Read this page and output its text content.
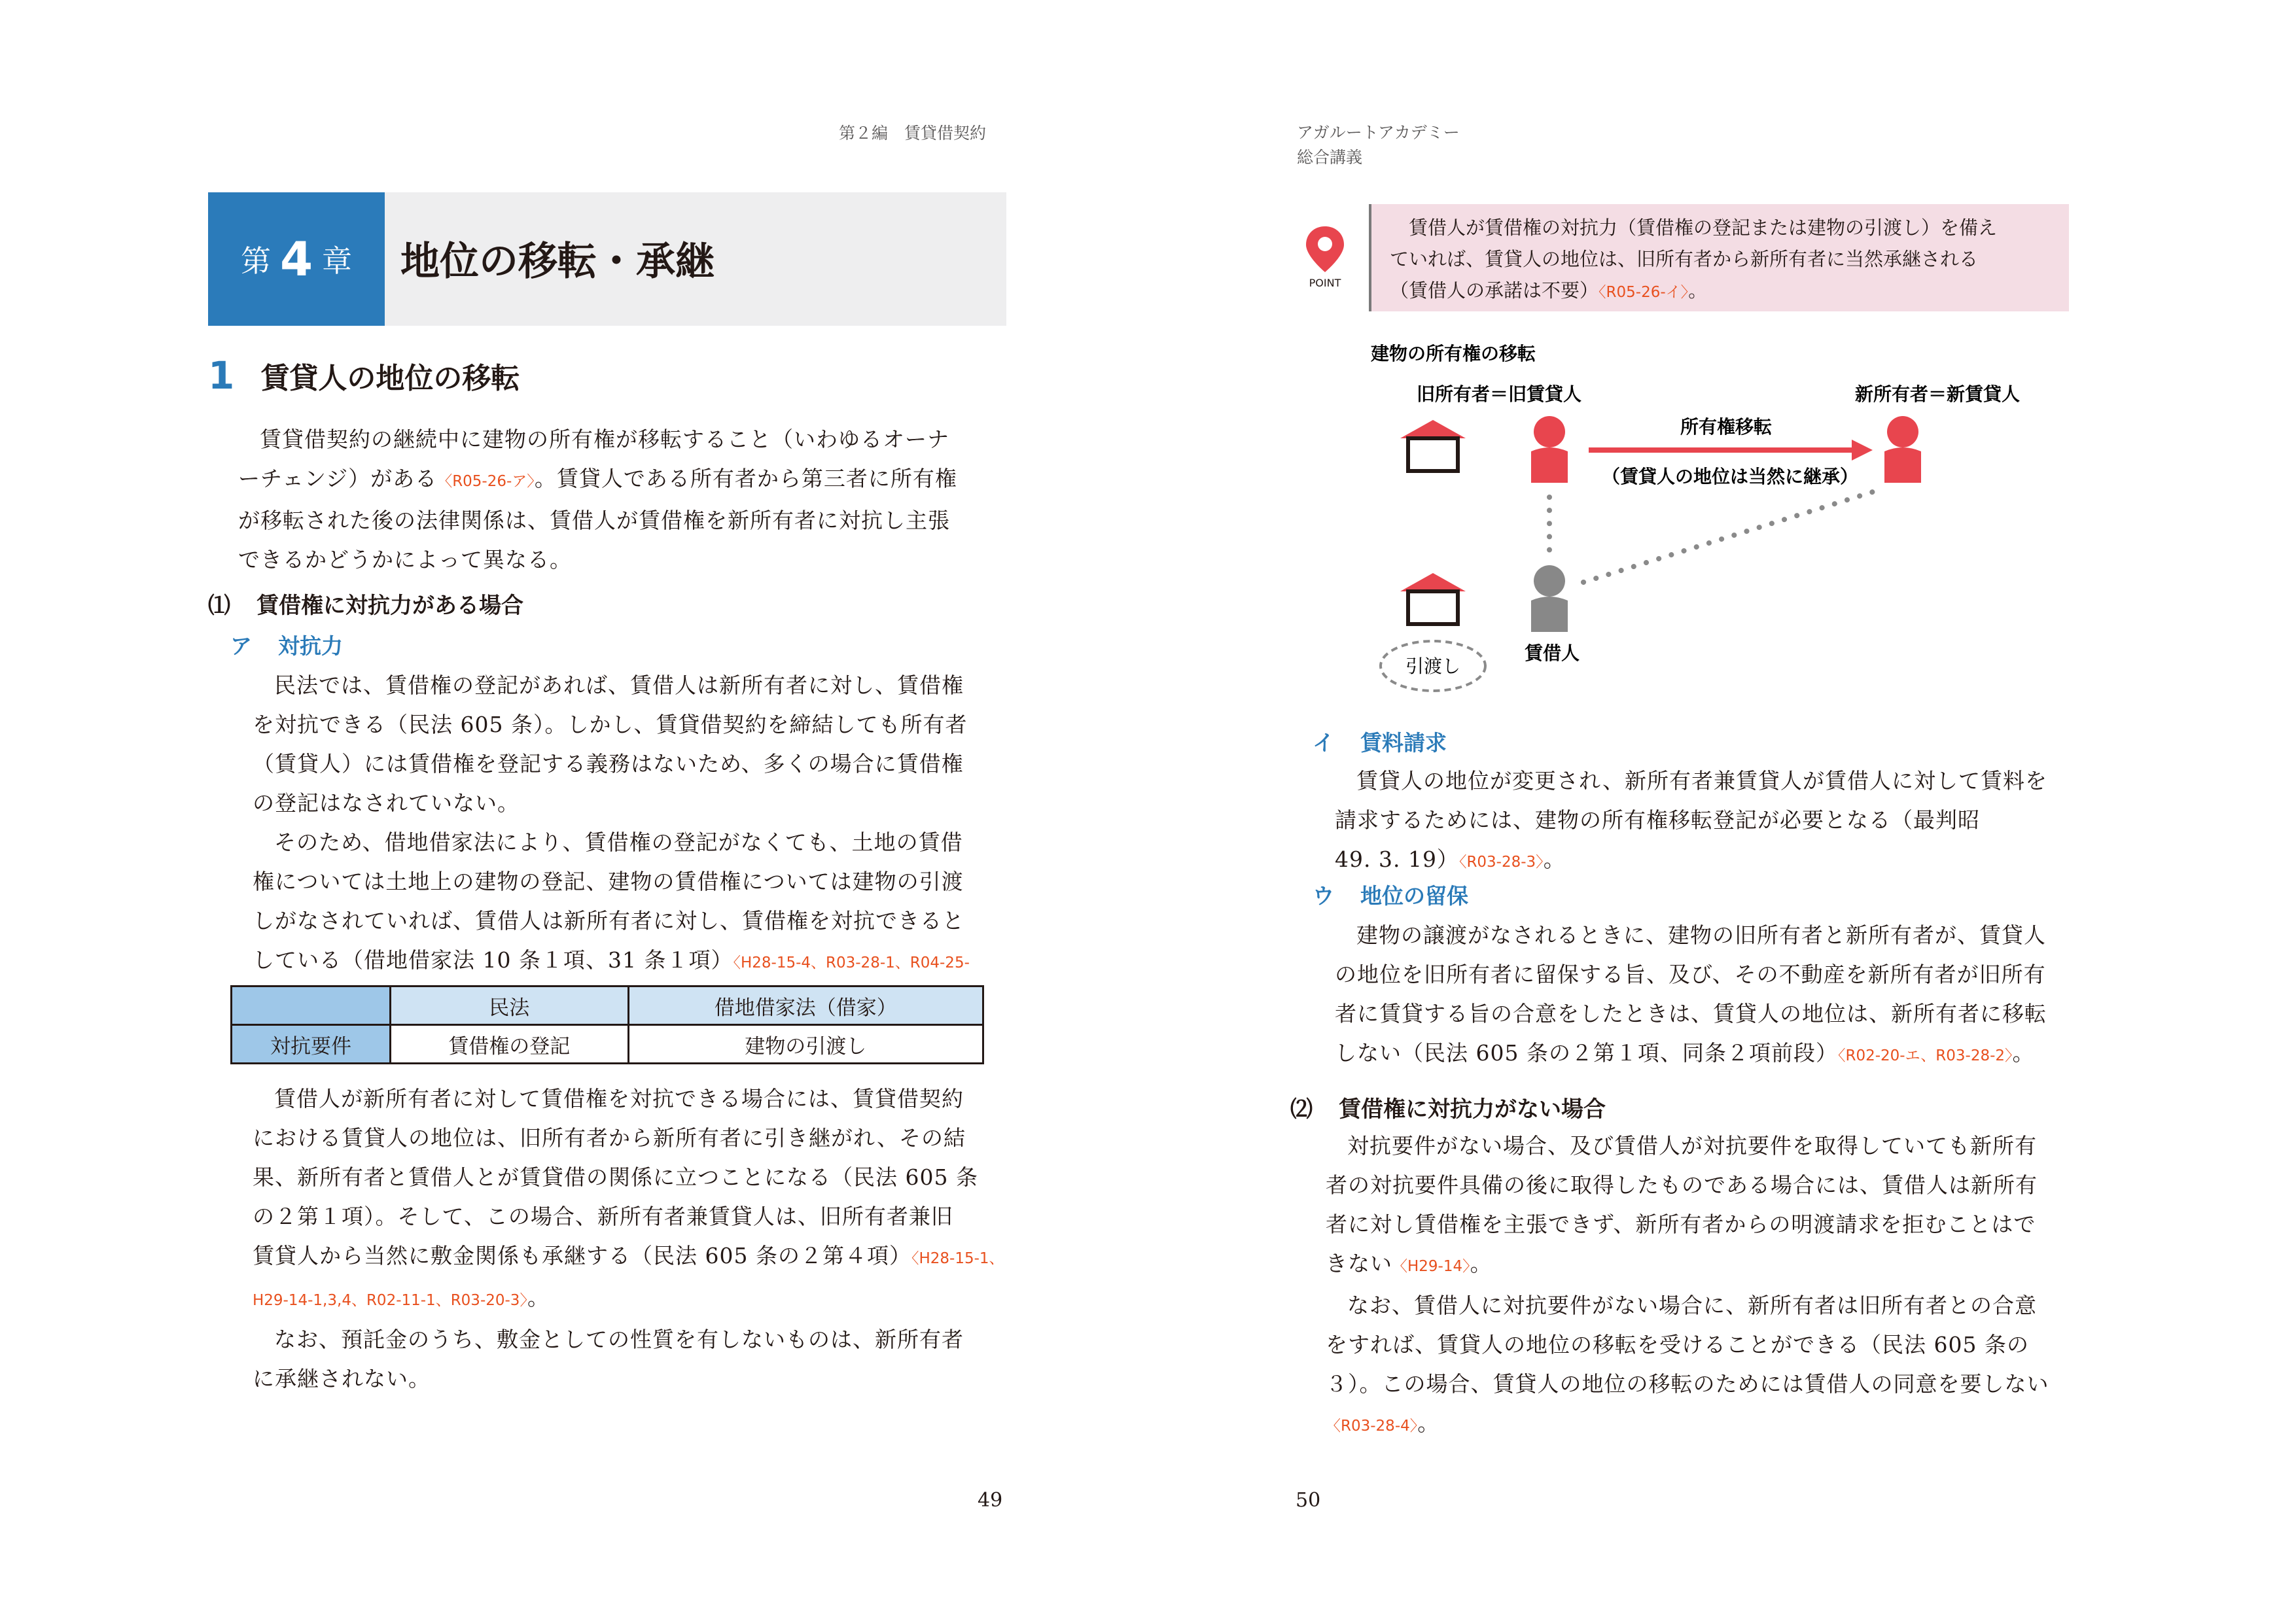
第２編　賃貸借契約
第 4 章 地位の移転・承継
1 賃貸人の地位の移転
賃貸借契約の継続中に建物の所有権が移転すること（いわゆるオーナ
ーチェンジ）がある〈R05-26-ア〉。賃貸人である所有者から第三者に所有権
が移転された後の法律関係は、賃借人が賃借権を新所有者に対抗し主張
できるかどうかによって異なる。
⑴ 賃借権に対抗力がある場合
ア 対抗力
民法では、賃借権の登記があれば、賃借人は新所有者に対し、賃借権
を対抗できる（民法 605 条）。しかし、賃貸借契約を締結しても所有者
（賃貸人）には賃借権を登記する義務はないため、多くの場合に賃借権
の登記はなされていない。
そのため、借地借家法により、賃借権の登記がなくても、土地の賃借
権については土地上の建物の登記、建物の賃借権については建物の引渡
しがなされていれば、賃借人は新所有者に対し、賃借権を対抗できると
している（借地借家法 10 条１項、31 条１項）〈H28-15-4、R03-28-1、R04-25-
	民法	借地借家法（借家）
対抗要件	賃借権の登記	建物の引渡し
賃借人が新所有者に対して賃借権を対抗できる場合には、賃貸借契約
における賃貸人の地位は、旧所有者から新所有者に引き継がれ、その結
果、新所有者と賃借人とが賃貸借の関係に立つことになる（民法 605 条
の２第１項）。そして、この場合、新所有者兼賃貸人は、旧所有者兼旧
賃貸人から当然に敷金関係も承継する（民法 605 条の２第４項）〈H28-15-1、
H29-14-1,3,4、R02-11-1、R03-20-3〉。
なお、預託金のうち、敷金としての性質を有しないものは、新所有者
に承継されない。
49
アガルートアカデミー
総合講義
POINT
賃借人が賃借権の対抗力（賃借権の登記または建物の引渡し）を備え
ていれば、賃貸人の地位は、旧所有者から新所有者に当然承継される
（賃借人の承諾は不要）〈R05-26-イ〉。
建物の所有権の移転
旧所有者＝旧賃貸人	新所有者＝新賃貸人
所有権移転
（賃貸人の地位は当然に継承）
引渡し
賃借人
イ 賃料請求
賃貸人の地位が変更され、新所有者兼賃貸人が賃借人に対して賃料を
請求するためには、建物の所有権移転登記が必要となる（最判昭
49. 3. 19）〈R03-28-3〉。
ウ 地位の留保
建物の譲渡がなされるときに、建物の旧所有者と新所有者が、賃貸人
の地位を旧所有者に留保する旨、及び、その不動産を新所有者が旧所有
者に賃貸する旨の合意をしたときは、賃貸人の地位は、新所有者に移転
しない（民法 605 条の２第１項、同条２項前段）〈R02-20-エ、R03-28-2〉。
⑵ 賃借権に対抗力がない場合
対抗要件がない場合、及び賃借人が対抗要件を取得していても新所有
者の対抗要件具備の後に取得したものである場合には、賃借人は新所有
者に対し賃借権を主張できず、新所有者からの明渡請求を拒むことはで
きない〈H29-14〉。
なお、賃借人に対抗要件がない場合に、新所有者は旧所有者との合意
をすれば、賃貸人の地位の移転を受けることができる（民法 605 条の
３）。この場合、賃貸人の地位の移転のためには賃借人の同意を要しない
〈R03-28-4〉。
50
